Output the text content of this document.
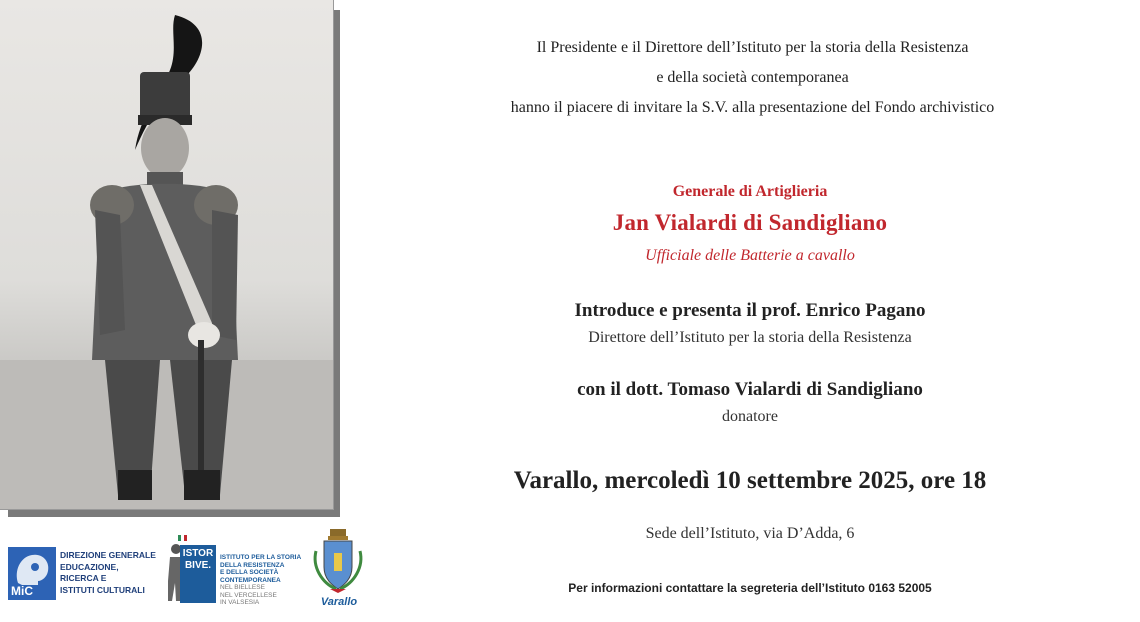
Il Presidente e il Direttore dell’Istituto per la storia della Resistenza
e della società contemporanea
hanno il piacere di invitare la S.V. alla presentazione del Fondo archivistico
Generale di Artiglieria
Jan Vialardi di Sandigliano
Ufficiale delle Batterie a cavallo
Introduce e presenta il prof. Enrico Pagano
Direttore dell’Istituto per la storia della Resistenza
con il dott. Tomaso Vialardi di Sandigliano
donatore
Varallo, mercoledì 10 settembre 2025, ore 18
Sede dell’Istituto, via D’Adda, 6
Per informazioni contattare la segreteria dell’Istituto 0163 52005
MiC
DIREZIONE GENERALE
EDUCAZIONE,
RICERCA E
ISTITUTI CULTURALI
ISTOR
BIVE.
ISTITUTO PER LA STORIA
DELLA RESISTENZA
E DELLA SOCIETÀ
CONTEMPORANEA
NEL BIELLESE
NEL VERCELLESE
IN VALSESIA	Varallo
